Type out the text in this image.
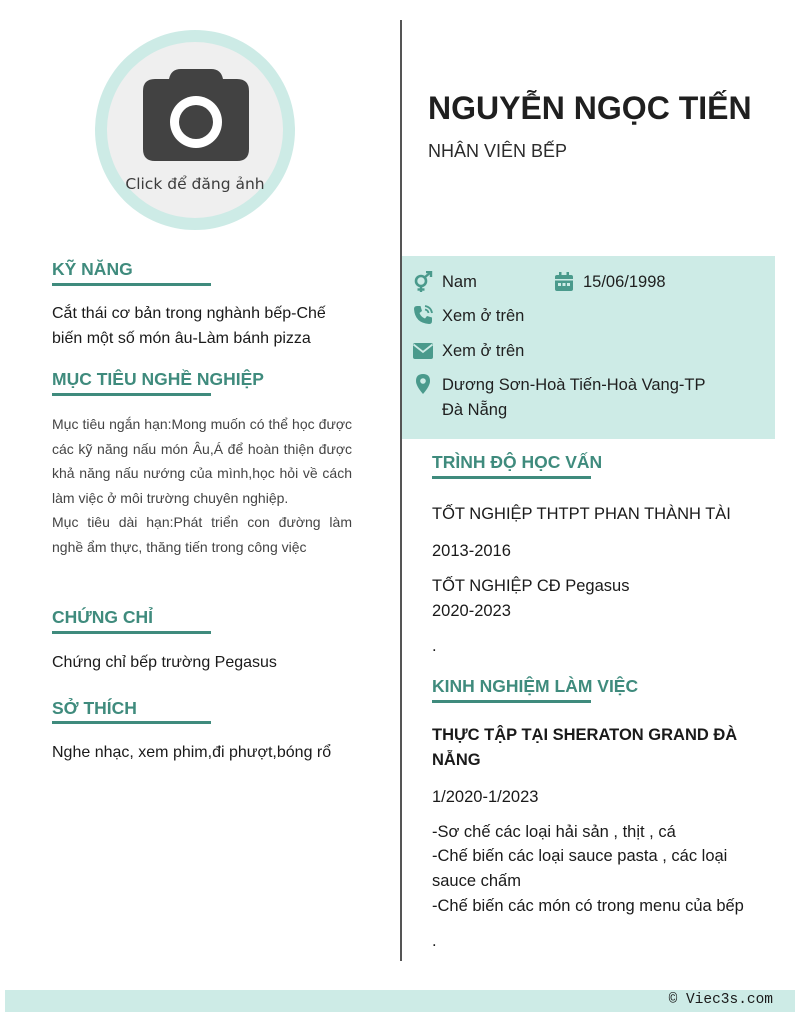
Click để đăng ảnh
KỸ NĂNG
Cắt thái cơ bản trong nghành bếp-Chế
biến một số món âu-Làm bánh pizza
MỤC TIÊU NGHỀ NGHIỆP
Mục tiêu ngắn hạn:Mong muốn có thể học được các kỹ năng nấu món Âu,Á để hoàn thiện được khả năng nấu nướng của mình,học hỏi về cách làm việc ở môi trường chuyên nghiệp.
Mục tiêu dài hạn:Phát triển con đường làm nghề ẩm thực, thăng tiến trong công việc
CHỨNG CHỈ
Chứng chỉ bếp trường Pegasus
SỞ THÍCH
Nghe nhạc, xem phim,đi phượt,bóng rổ
NGUYỄN NGỌC TIẾN
NHÂN VIÊN BẾP
Nam	15/06/1998
Xem ở trên
Xem ở trên
Dương Sơn-Hoà Tiến-Hoà Vang-TP
Đà Nẵng
TRÌNH ĐỘ HỌC VẤN
TỐT NGHIỆP THTPT PHAN THÀNH TÀI
2013-2016
TỐT NGHIỆP CĐ Pegasus
2020-2023
.
KINH NGHIỆM LÀM VIỆC
THỰC TẬP TẠI SHERATON GRAND ĐÀ
NẴNG
1/2020-1/2023
-Sơ chế các loại hải sản , thịt , cá
-Chế biến các loại sauce pasta , các loại
sauce chấm
-Chế biến các món có trong menu của bếp
.
© Viec3s.com
